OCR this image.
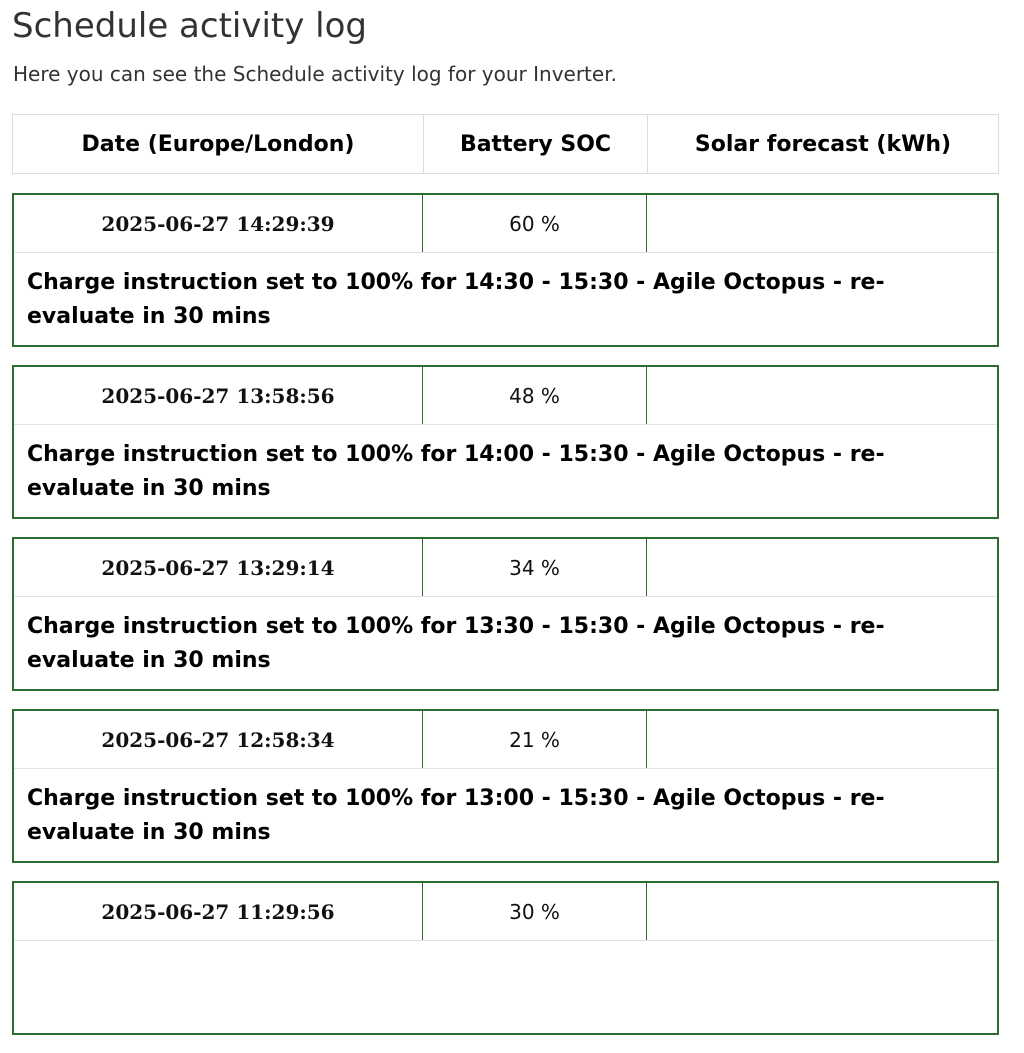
Schedule activity log

Here you can see the Schedule activity log for your Inverter.

Date (Europe/London)	Battery SOC	Solar forecast (kWh)
2025-06-27 14:29:39	60 %
Charge instruction set to 100% for 14:30 - 15:30 - Agile Octopus - re-evaluate in 30 mins
2025-06-27 13:58:56	48 %
Charge instruction set to 100% for 14:00 - 15:30 - Agile Octopus - re-evaluate in 30 mins
2025-06-27 13:29:14	34 %
Charge instruction set to 100% for 13:30 - 15:30 - Agile Octopus - re-evaluate in 30 mins
2025-06-27 12:58:34	21 %
Charge instruction set to 100% for 13:00 - 15:30 - Agile Octopus - re-evaluate in 30 mins
2025-06-27 11:29:56	30 %
